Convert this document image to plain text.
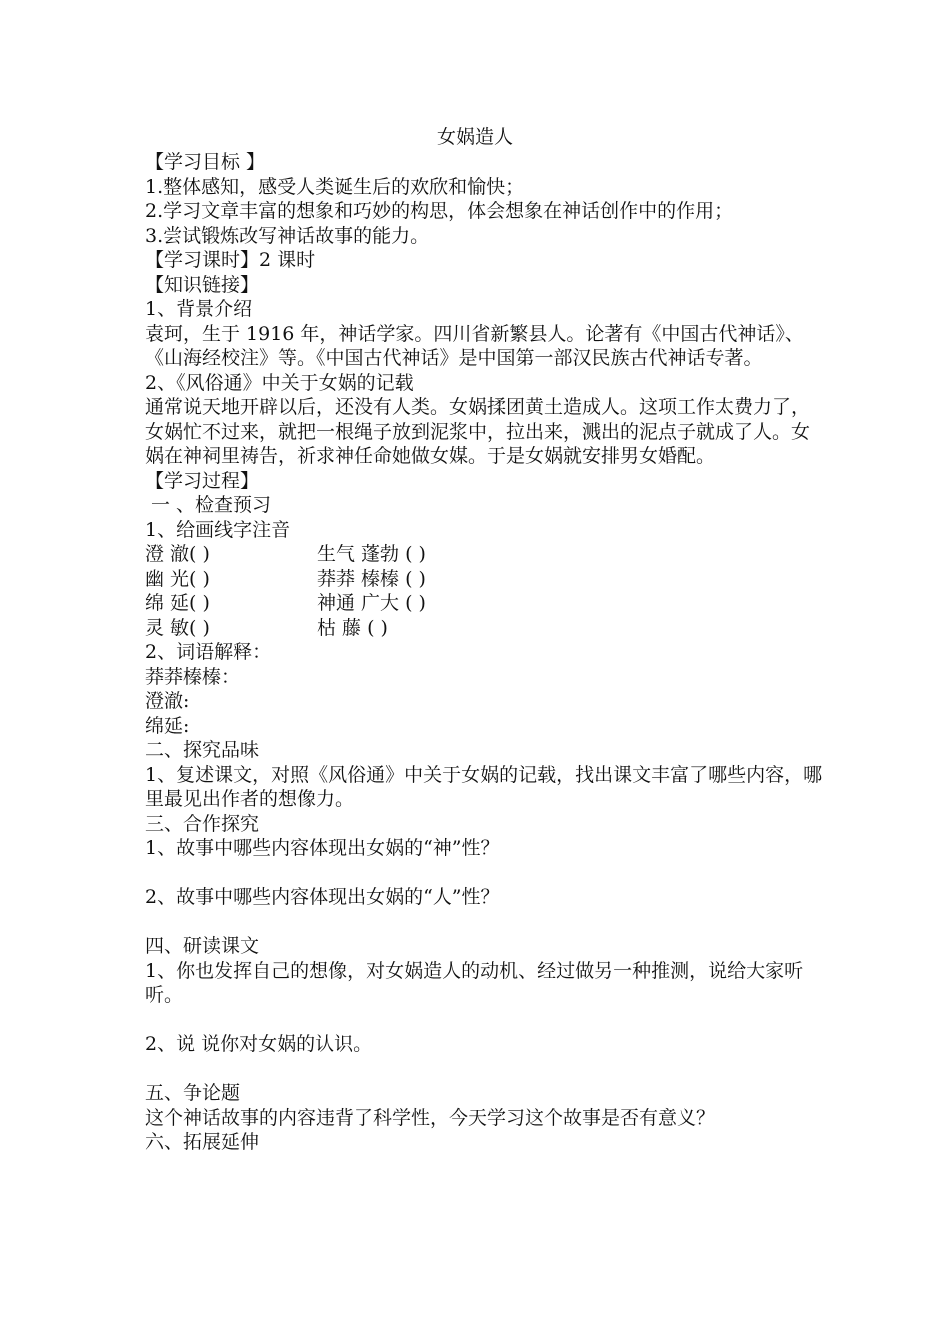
女娲造人
【学习目标 】
1.整体感知，感受人类诞生后的欢欣和愉快；
2.学习文章丰富的想象和巧妙的构思，体会想象在神话创作中的作用；
3.尝试锻炼改写神话故事的能力。
【学习课时】2 课时
【知识链接】
1、背景介绍
袁珂，生于 1916 年，神话学家。四川省新繁县人。论著有《中国古代神话》、《山海经校注》等。《中国古代神话》是中国第一部汉民族古代神话专著。
2、《风俗通》中关于女娲的记载
通常说天地开辟以后，还没有人类。女娲揉团黄土造成人。这项工作太费力了，女娲忙不过来，就把一根绳子放到泥浆中，拉出来，溅出的泥点子就成了人。女娲在神祠里祷告，祈求神任命她做女媒。于是女娲就安排男女婚配。
【学习过程】
一 、检查预习
1、给画线字注音
澄 澈( )	生气 蓬勃 ( )
幽 光( )	莽莽 榛榛 ( )
绵 延( )	神通 广大 ( )
灵 敏( )	枯 藤 ( )
2、词语解释：
莽莽榛榛：
澄澈:
绵延:
二、探究品味
1、复述课文，对照《风俗通》中关于女娲的记载，找出课文丰富了哪些内容，哪里最见出作者的想像力。
三、合作探究
1、故事中哪些内容体现出女娲的“神”性？
2、故事中哪些内容体现出女娲的“人”性？
四、研读课文
1、你也发挥自己的想像，对女娲造人的动机、经过做另一种推测，说给大家听听。
2、说 说你对女娲的认识。
五、争论题
这个神话故事的内容违背了科学性，今天学习这个故事是否有意义？
六、拓展延伸
